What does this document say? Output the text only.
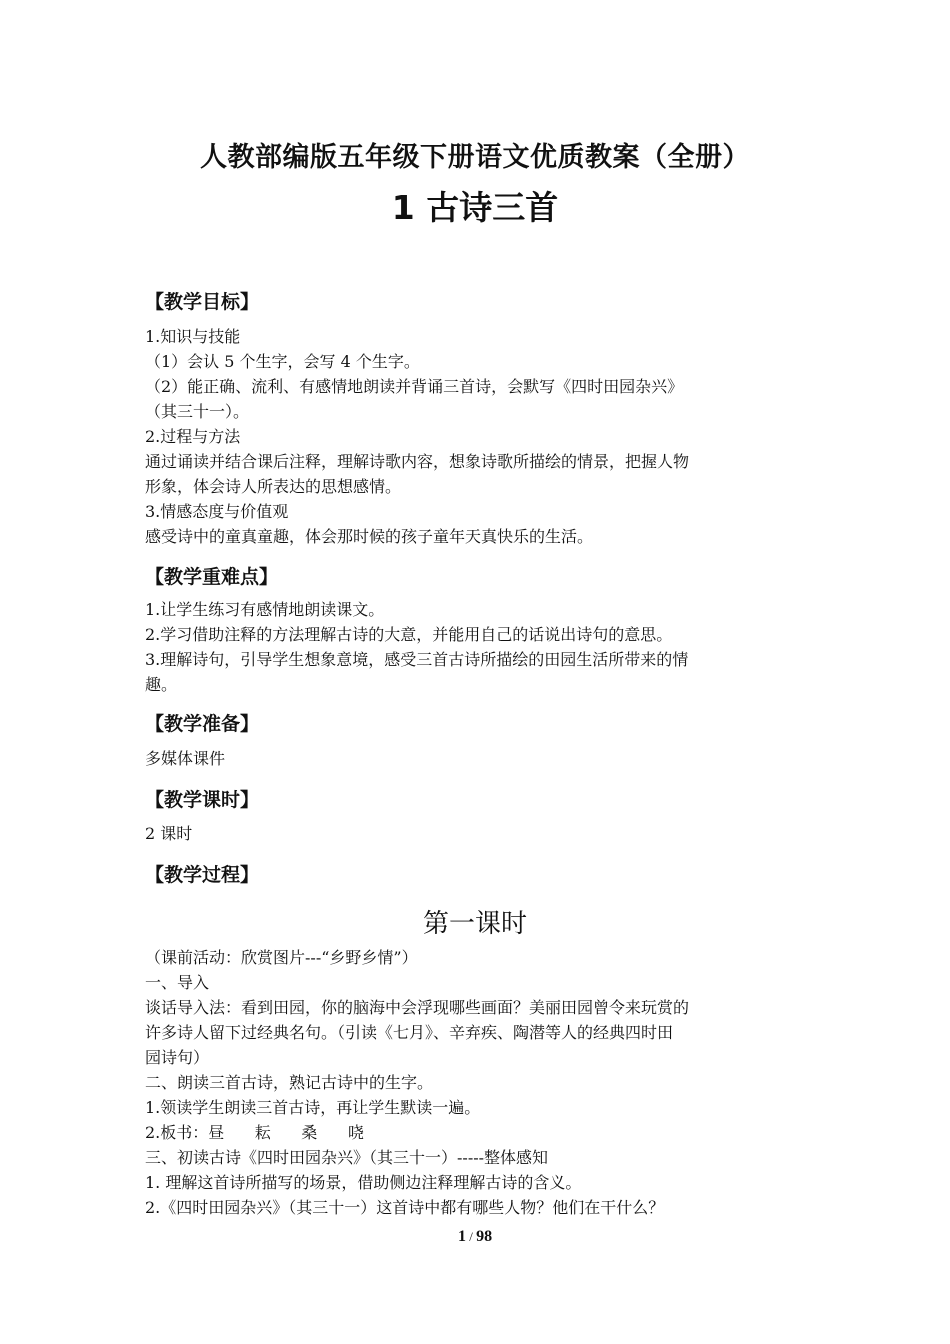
人教部编版五年级下册语文优质教案（全册）
1 古诗三首

【教学目标】

1.知识与技能

（1）会认 5 个生字，会写 4 个生字。

（2）能正确、流利、有感情地朗读并背诵三首诗，会默写《四时田园杂兴》

（其三十一）。

2.过程与方法

通过诵读并结合课后注释，理解诗歌内容，想象诗歌所描绘的情景，把握人物

形象，体会诗人所表达的思想感情。

3.情感态度与价值观

感受诗中的童真童趣，体会那时候的孩子童年天真快乐的生活。

【教学重难点】

1.让学生练习有感情地朗读课文。

2.学习借助注释的方法理解古诗的大意，并能用自己的话说出诗句的意思。

3.理解诗句，引导学生想象意境，感受三首古诗所描绘的田园生活所带来的情

趣。

【教学准备】

多媒体课件

【教学课时】

2 课时

【教学过程】

第一课时

（课前活动：欣赏图片---“乡野乡情”）

一、导入

谈话导入法：看到田园，你的脑海中会浮现哪些画面？美丽田园曾令来玩赏的

许多诗人留下过经典名句。（引读《七月》、辛弃疾、陶潜等人的经典四时田

园诗句）

二、朗读三首古诗，熟记古诗中的生字。

1.领读学生朗读三首古诗，再让学生默读一遍。

2.板书：昼      耘      桑      哓

三、初读古诗《四时田园杂兴》（其三十一）-----整体感知

1. 理解这首诗所描写的场景，借助侧边注释理解古诗的含义。

2.《四时田园杂兴》（其三十一）这首诗中都有哪些人物？他们在干什么？

1 / 98
